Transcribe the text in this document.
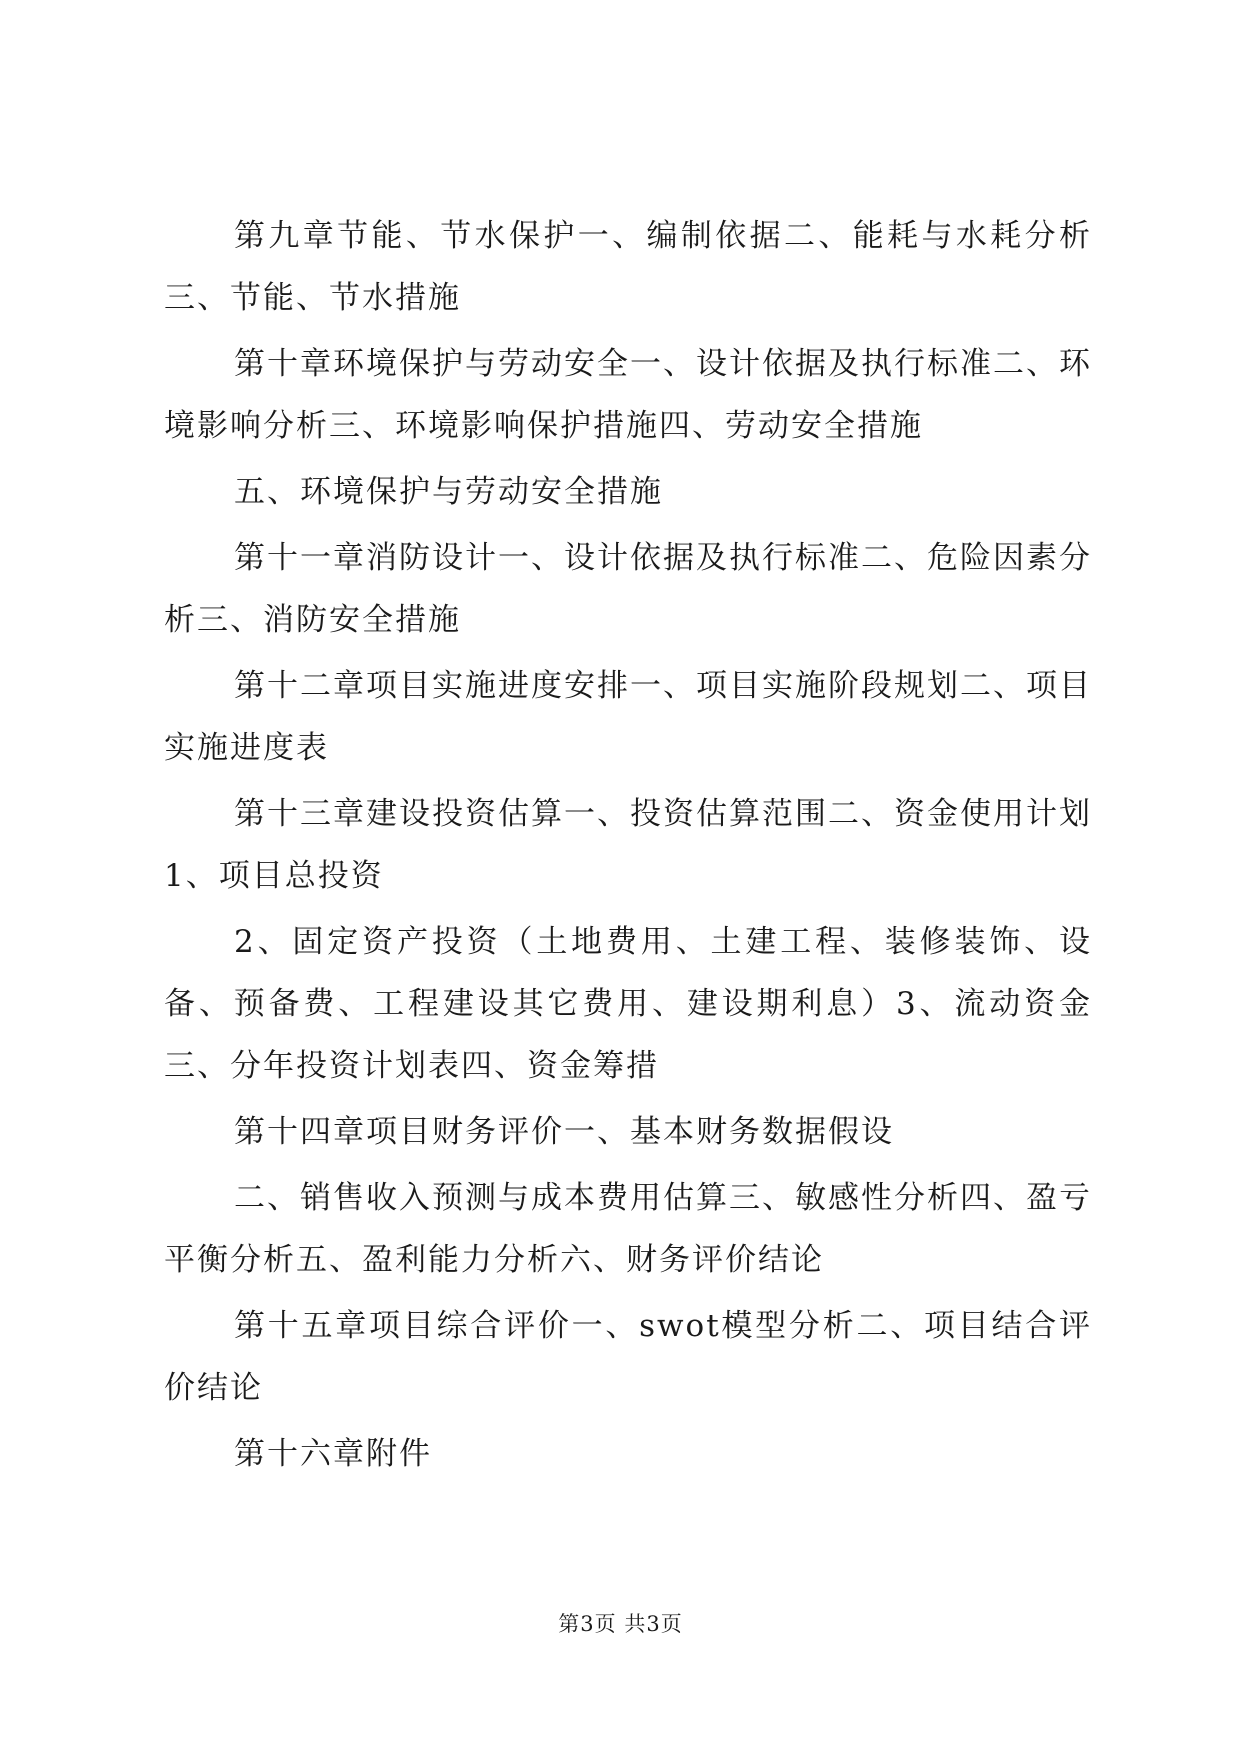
第九章节能、节水保护一、编制依据二、能耗与水耗分析三、节能、节水措施

第十章环境保护与劳动安全一、设计依据及执行标准二、环境影响分析三、环境影响保护措施四、劳动安全措施

五、环境保护与劳动安全措施

第十一章消防设计一、设计依据及执行标准二、危险因素分析三、消防安全措施

第十二章项目实施进度安排一、项目实施阶段规划二、项目实施进度表

第十三章建设投资估算一、投资估算范围二、资金使用计划1、项目总投资

2、固定资产投资（土地费用、土建工程、装修装饰、设备、预备费、工程建设其它费用、建设期利息）3、流动资金三、分年投资计划表四、资金筹措

第十四章项目财务评价一、基本财务数据假设

二、销售收入预测与成本费用估算三、敏感性分析四、盈亏平衡分析五、盈利能力分析六、财务评价结论

第十五章项目综合评价一、swot模型分析二、项目结合评价结论

第十六章附件

第3页 共3页
